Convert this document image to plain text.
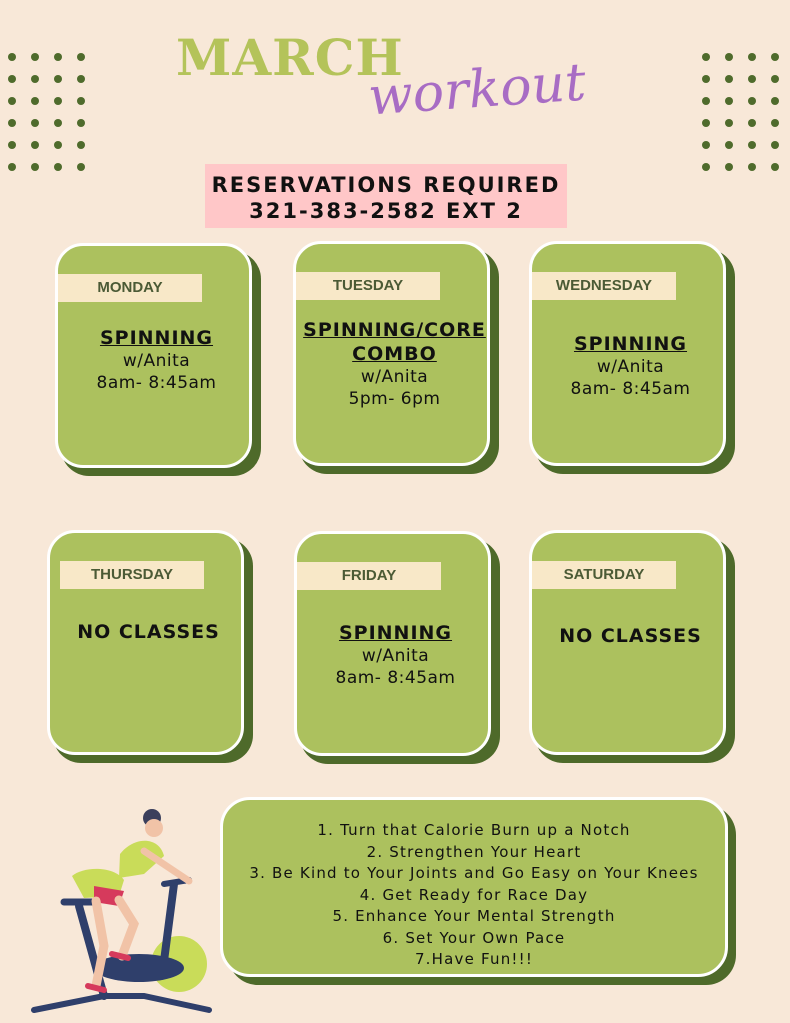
MARCH
workout
RESERVATIONS REQUIRED
321-383-2582 EXT 2
MONDAY
SPINNING
w/Anita
8am- 8:45am
TUESDAY
SPINNING/CORE
COMBO
w/Anita
5pm- 6pm
WEDNESDAY
SPINNING
w/Anita
8am- 8:45am
THURSDAY
NO CLASSES
FRIDAY
SPINNING
w/Anita
8am- 8:45am
SATURDAY
NO CLASSES
1. Turn that Calorie Burn up a Notch
2. Strengthen Your Heart
3. Be Kind to Your Joints and Go Easy on Your Knees
4. Get Ready for Race Day
5. Enhance Your Mental Strength
6. Set Your Own Pace
7.Have Fun!!!
